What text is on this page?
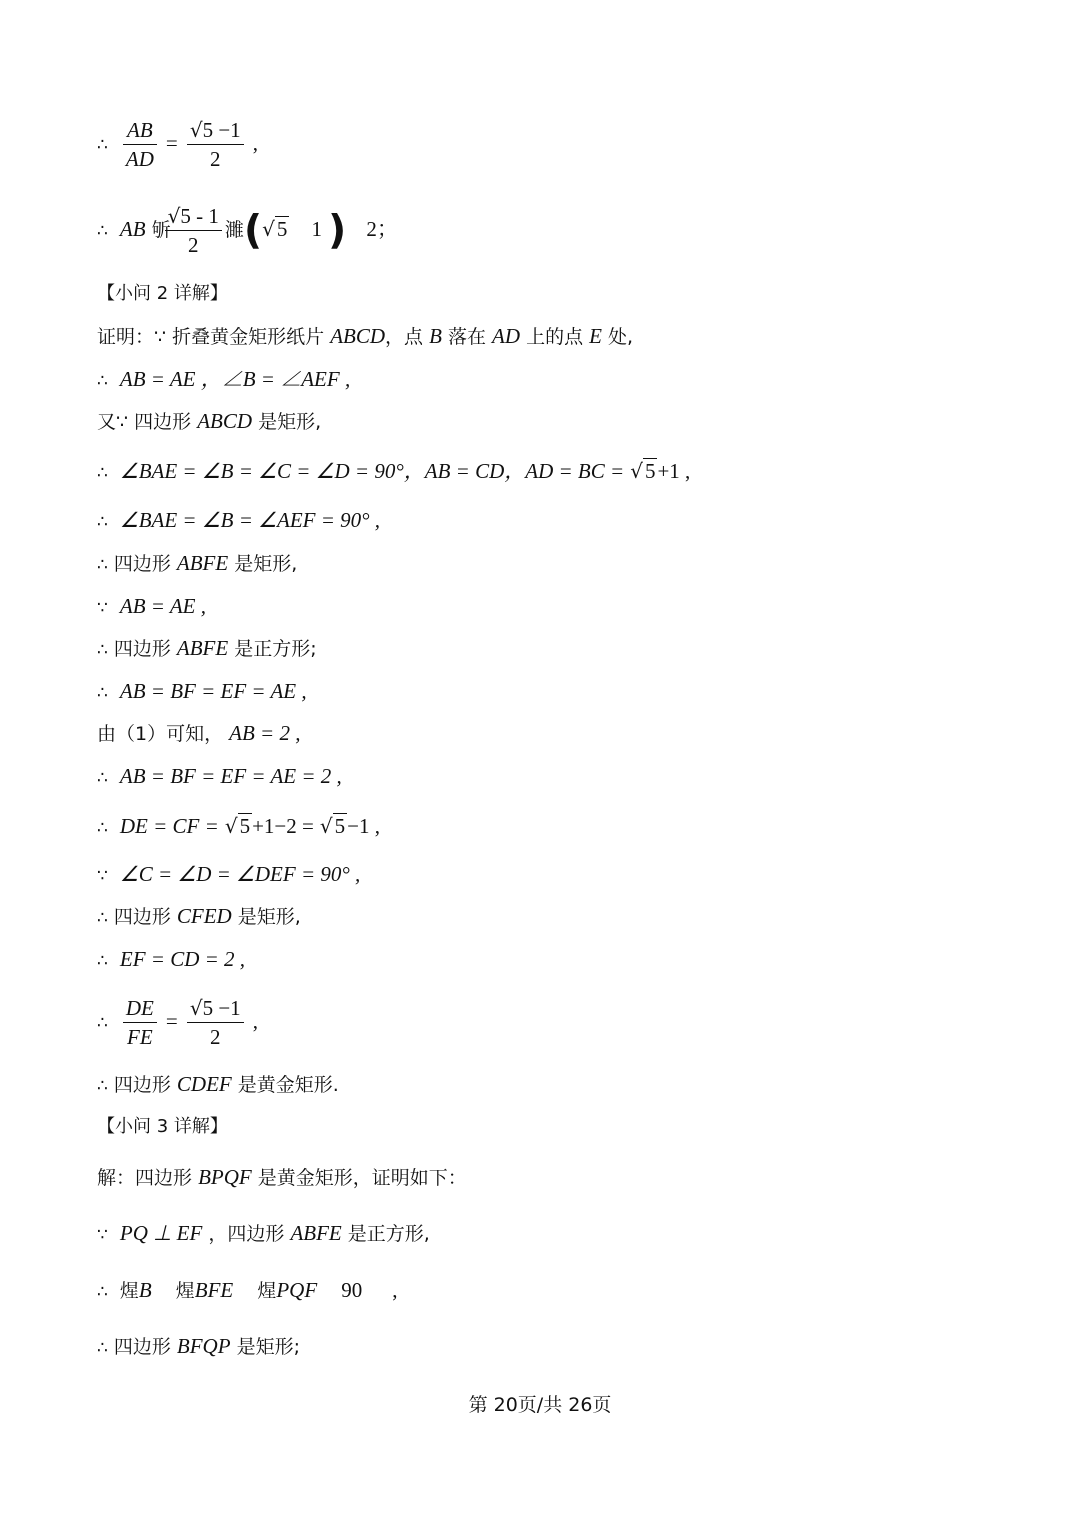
∴ $\frac{AB}{AD} = \frac{√5 -1}{2}$ ,
∴ AB 斪
$\frac{√5 - 1}{2}$ 濉(√5 1 ) 2；
【小问 2 详解】
证明：∵ 折叠黄金矩形纸片 ABCD，点 B 落在 AD 上的点 E 处,
∴ AB = AE ，∠B = ∠AEF ,
又∵ 四边形 ABCD 是矩形,
∴ ∠BAE = ∠B = ∠C = ∠D = 90°，AB = CD，AD = BC = √5+1 ,
∴ ∠BAE = ∠B = ∠AEF = 90° ,
∴ 四边形 ABFE 是矩形,
∵ AB = AE ,
∴ 四边形 ABFE 是正方形;
∴ AB = BF = EF = AE ,
由（1）可知， AB = 2 ,
∴ AB = BF = EF = AE = 2 ,
∴ DE = CF = √5+1−2 = √5−1 ,
∵ ∠C = ∠D = ∠DEF = 90° ,
∴ 四边形 CFED 是矩形,
∴ EF = CD = 2 ,
∴ $\frac{DE}{FE} = \frac{√5 -1}{2}$ ,
∴ 四边形 CDEF 是黄金矩形.
【小问 3 详解】
解：四边形 BPQF 是黄金矩形，证明如下：
∵ PQ ⊥ EF ，四边形 ABFE 是正方形,
∴ 煋B 煋BFE 煋PQF 90 ,
∴ 四边形 BFQP 是矩形;
第 20页/共 26页
